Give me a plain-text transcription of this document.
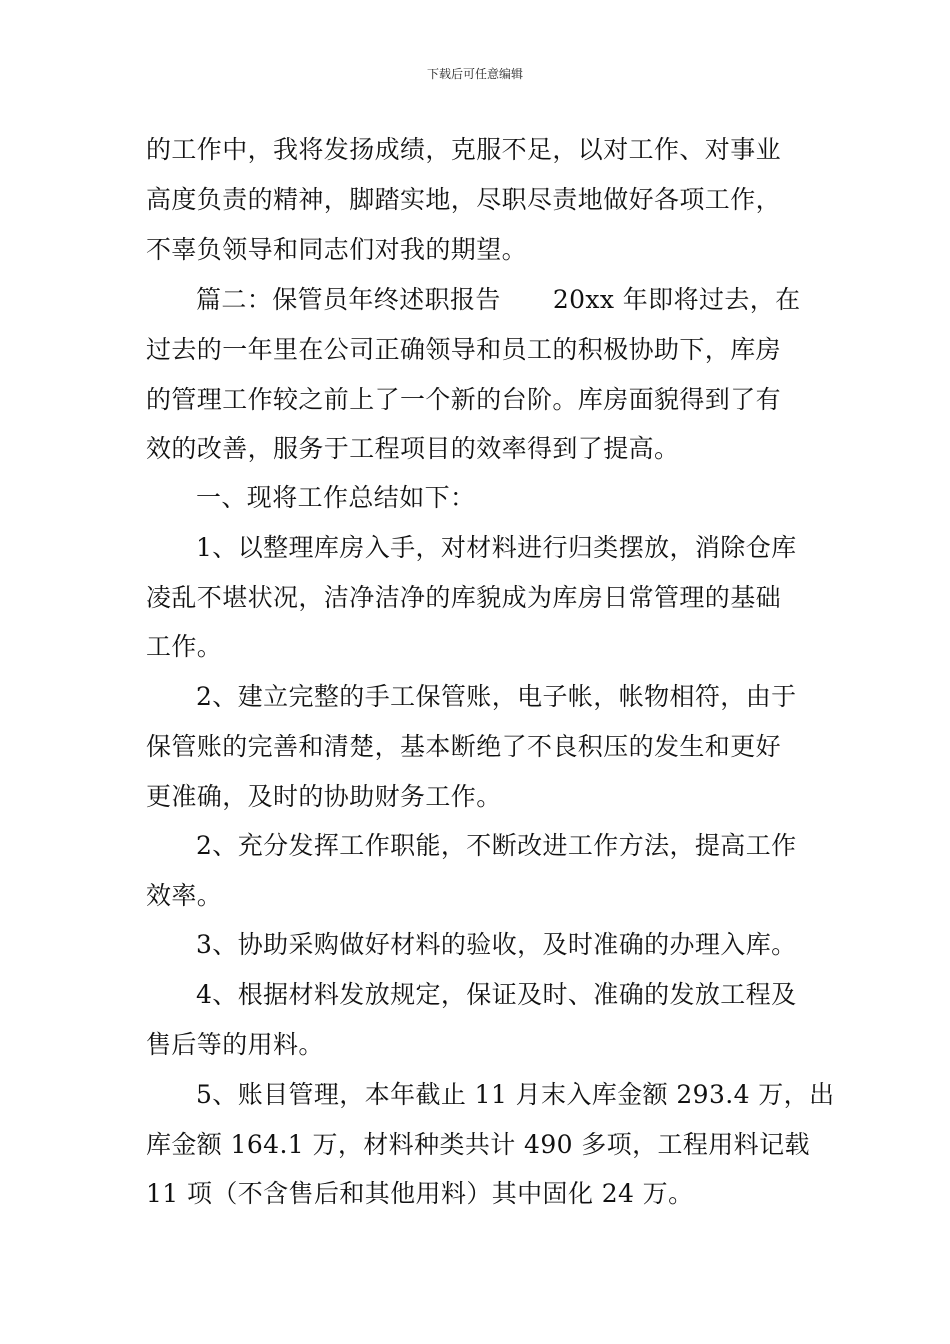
下载后可任意编辑
的工作中，我将发扬成绩，克服不足，以对工作、对事业
高度负责的精神，脚踏实地，尽职尽责地做好各项工作，
不辜负领导和同志们对我的期望。
篇二：保管员年终述职报告 20xx 年即将过去，在
过去的一年里在公司正确领导和员工的积极协助下，库房
的管理工作较之前上了一个新的台阶。库房面貌得到了有
效的改善，服务于工程项目的效率得到了提高。
一、现将工作总结如下：
1、以整理库房入手，对材料进行归类摆放，消除仓库
凌乱不堪状况，洁净洁净的库貌成为库房日常管理的基础
工作。
2、建立完整的手工保管账，电子帐，帐物相符，由于
保管账的完善和清楚，基本断绝了不良积压的发生和更好
更准确，及时的协助财务工作。
2、充分发挥工作职能，不断改进工作方法，提高工作
效率。
3、协助采购做好材料的验收，及时准确的办理入库。
4、根据材料发放规定，保证及时、准确的发放工程及
售后等的用料。
5、账目管理，本年截止 11 月末入库金额 293.4 万，出
库金额 164.1 万，材料种类共计 490 多项，工程用料记载
11 项（不含售后和其他用料）其中固化 24 万。
